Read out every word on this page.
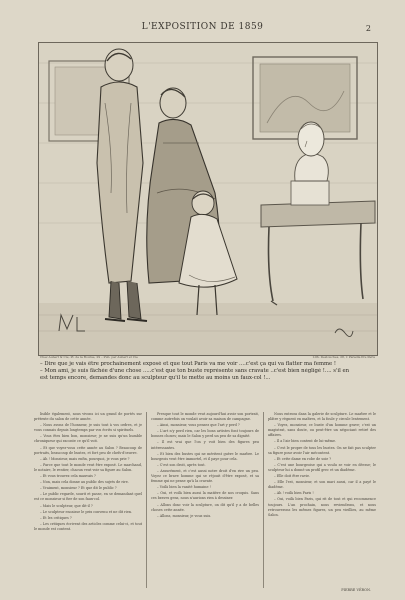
L'EXPOSITION DE 1859	2
Chez Aubert & Cie, Pl. de la Bourse, 29 – Pub. par Aubert et Cie	Lith. Destouches, 28, r. Paradis-Pre Paris
– Dire que je vais être prochainement exposé et que tout Paris va me voir ....c'est ça qui va flatter ma femme !
– Mon ami, je suis fâchée d'une chose .....c'est que ton buste représente sans cravate ..c'est bien négligé !.... s'il en
est temps encore, demandes donc au sculpteur qu'il te mette au moins un faux-col !...

lisible également, nous vivons ici un grand de portés sur prétexte du salon de cette année.

– Nous avons de l'honneur, je suis tout à vos ordres, et je vous connais depuis longtemps par vos écrits si spirituels.

– Vous êtes bien bon, monsieur; je ne suis qu'un humble chroniqueur qui raconte ce qu'il voit.

– Et que voyez-vous cette année au Salon ? Beaucoup de portraits, beaucoup de bustes, et fort peu de chefs-d'œuvre.

– Ah ! Monsieur, mais enfin, pourquoi, je vous prie ?

– Parce que tout le monde veut être exposé. Le marchand, le notaire, le rentier, chacun veut voir sa figure au Salon.

– Et vous trouvez cela mauvais ?

– Non, mais cela donne au public des sujets de rire.

– Vraiment, monsieur ? Et que dit le public ?

– Le public regarde, sourit et passe, en se demandant quel est ce monsieur si fier de son faux-col.

– Mais le sculpteur, que dit-il ?

– Le sculpteur encaisse le prix convenu et ne dit rien.

– Et les critiques ?

– Les critiques écrivent des articles comme celui-ci, et tout le monde est content.

Presque tout le monde veut aujourd'hui avoir son portrait, comme autrefois on voulait avoir sa maison de campagne.

– Ainsi, monsieur, vous pensez que l'art y perd ?

– L'art n'y perd rien, car les bons artistes font toujours de bonnes choses; mais le Salon y perd un peu de sa dignité.

– Il est vrai que l'on y voit bien des figures peu intéressantes.

– Et bien des bustes qui ne méritent guère le marbre. Le bourgeois veut être immortel, et il paye pour cela.

– C'est son droit, après tout.

– Assurément, et c'est aussi notre droit d'en rire un peu. Voyez ce brave homme qui se réjouit d'être exposé, et sa femme qui ne pense qu'à la cravate.

– Voilà bien la vanité humaine !

– Oui, et voilà bien aussi la matière de nos croquis. Sans ces braves gens, nous n'aurions rien à dessiner.

– Allons donc voir la sculpture, on dit qu'il y a de belles choses cette année.

– Allons, monsieur, je vous suis.

Nous entrons dans la galerie de sculpture. Le marbre et le plâtre y règnent en maîtres, et la foule y circule lentement.

– Voyez, monsieur, ce buste d'un homme grave; c'est un magistrat, sans doute, ou peut-être un négociant retiré des affaires.

– Il a l'air bien content de lui-même.

– C'est le propre de tous les bustes. On ne fait pas sculpter sa figure pour avoir l'air mécontent.

– Et cette dame en robe de soie ?

– C'est une bourgeoise qui a voulu se voir en déesse; le sculpteur lui a donné un profil grec et un diadème.

– Elle doit être ravie.

– Elle l'est, monsieur, et son mari aussi, car il a payé le diadème.

– Ah ! voilà bien Paris !

– Oui, voilà bien Paris, qui rit de tout et qui recommence toujours. L'an prochain, nous reviendrons, et nous retrouverons les mêmes figures, un peu vieillies, au même Salon.

PIERRE VÉRON.
